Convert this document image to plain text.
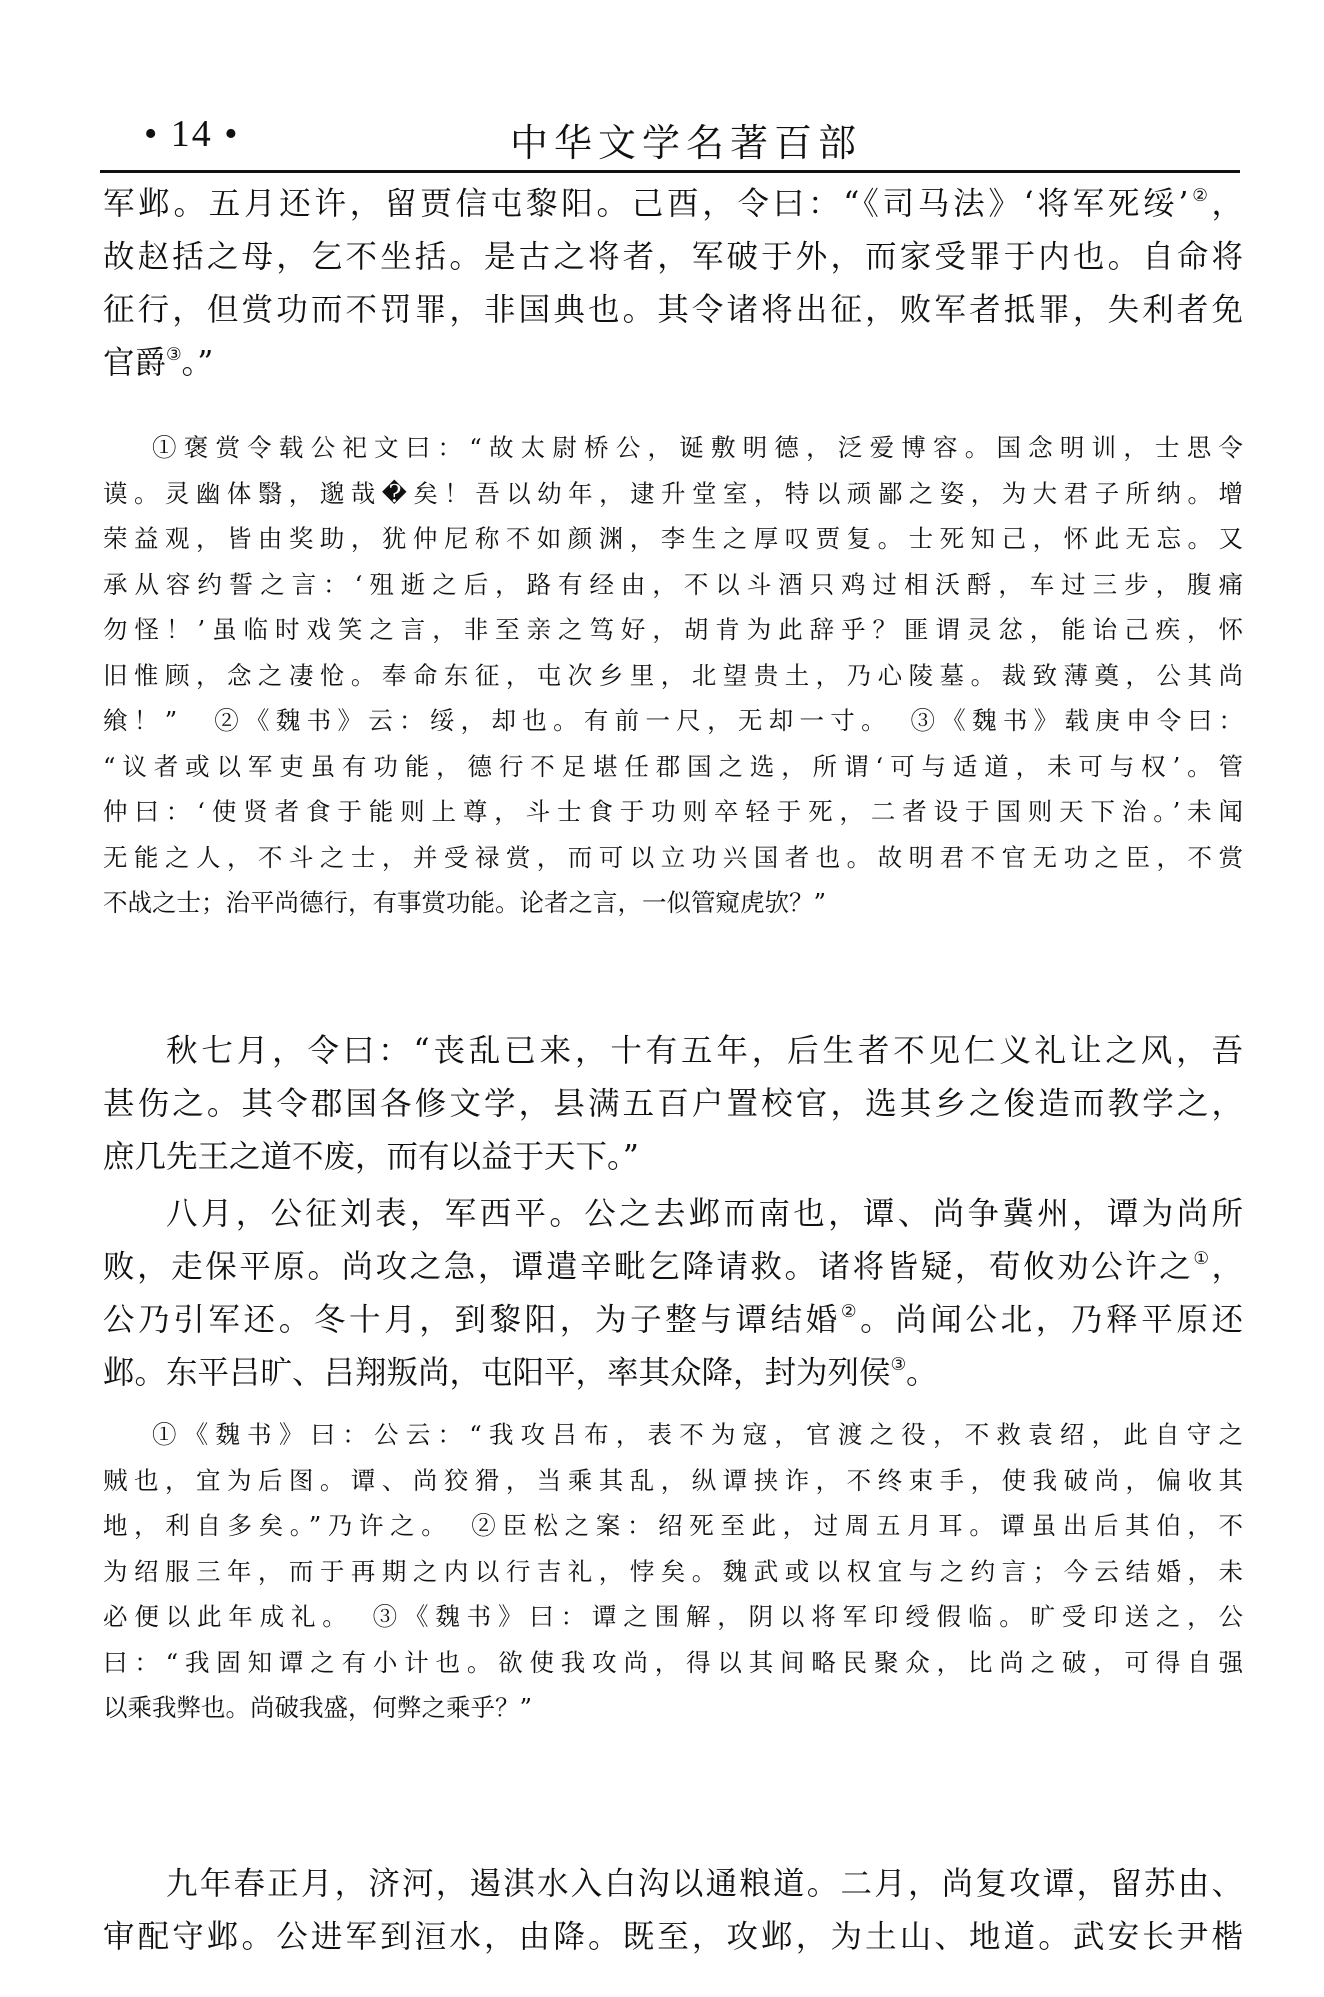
• 14 •	中华文学名著百部

军邺。五月还许，留贾信屯黎阳。己酉，令曰：“《司马法》‘将军死绥’②，

故赵括之母，乞不坐括。是古之将者，军破于外，而家受罪于内也。自命将

征行，但赏功而不罚罪，非国典也。其令诸将出征，败军者抵罪，失利者免

官爵③。”

①褒赏令载公祀文曰：“故太尉桥公，诞敷明德，泛爱博容。国念明训，士思令

谟。灵幽体翳，邈哉�矣！吾以幼年，逮升堂室，特以顽鄙之姿，为大君子所纳。增

荣益观，皆由奖助，犹仲尼称不如颜渊，李生之厚叹贾复。士死知己，怀此无忘。又

承从容约誓之言：‘殂逝之后，路有经由，不以斗酒只鸡过相沃酹，车过三步，腹痛

勿怪！’虽临时戏笑之言，非至亲之笃好，胡肯为此辞乎？匪谓灵忿，能诒己疾，怀

旧惟顾，念之凄怆。奉命东征，屯次乡里，北望贵土，乃心陵墓。裁致薄奠，公其尚

飨！”　②《魏书》云：绥，却也。有前一尺，无却一寸。　③《魏书》载庚申令曰：

“议者或以军吏虽有功能，德行不足堪任郡国之选，所谓‘可与适道，未可与权’。管

仲曰：‘使贤者食于能则上尊，斗士食于功则卒轻于死，二者设于国则天下治。’未闻

无能之人，不斗之士，并受禄赏，而可以立功兴国者也。故明君不官无功之臣，不赏

不战之士；治平尚德行，有事赏功能。论者之言，一似管窥虎欤？”

秋七月，令曰：“丧乱已来，十有五年，后生者不见仁义礼让之风，吾

甚伤之。其令郡国各修文学，县满五百户置校官，选其乡之俊造而教学之，

庶几先王之道不废，而有以益于天下。”

八月，公征刘表，军西平。公之去邺而南也，谭、尚争冀州，谭为尚所

败，走保平原。尚攻之急，谭遣辛毗乞降请救。诸将皆疑，荀攸劝公许之①，

公乃引军还。冬十月，到黎阳，为子整与谭结婚②。尚闻公北，乃释平原还

邺。东平吕旷、吕翔叛尚，屯阳平，率其众降，封为列侯③。

①《魏书》曰：公云：“我攻吕布，表不为寇，官渡之役，不救袁绍，此自守之

贼也，宜为后图。谭、尚狡猾，当乘其乱，纵谭挟诈，不终束手，使我破尚，偏收其

地，利自多矣。”乃许之。　②臣松之案：绍死至此，过周五月耳。谭虽出后其伯，不

为绍服三年，而于再期之内以行吉礼，悖矣。魏武或以权宜与之约言；今云结婚，未

必便以此年成礼。　③《魏书》曰：谭之围解，阴以将军印绶假临。旷受印送之，公

曰：“我固知谭之有小计也。欲使我攻尚，得以其间略民聚众，比尚之破，可得自强

以乘我弊也。尚破我盛，何弊之乘乎？”

九年春正月，济河，遏淇水入白沟以通粮道。二月，尚复攻谭，留苏由、

审配守邺。公进军到洹水，由降。既至，攻邺，为土山、地道。武安长尹楷
